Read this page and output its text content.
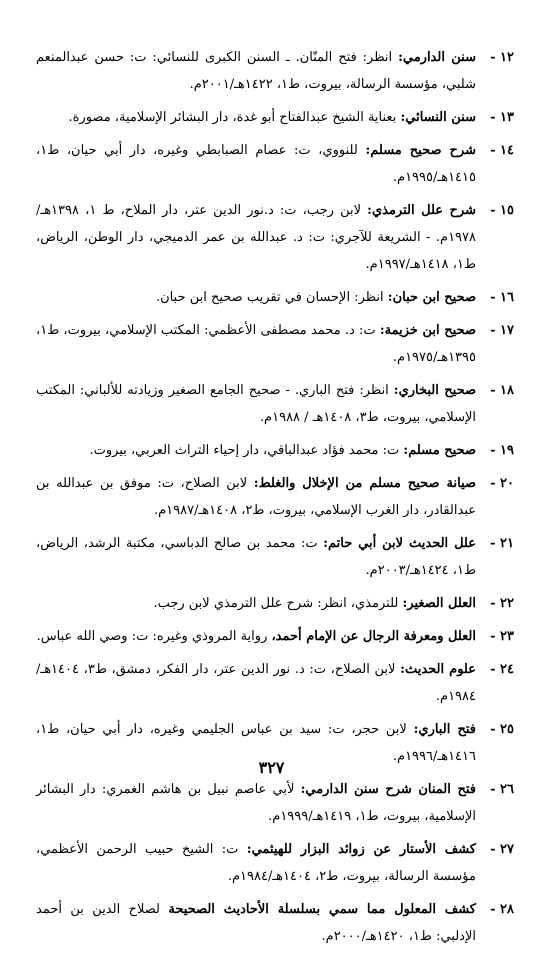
١٢ -
سنن الدارمي: انظر: فتح المنّان. ـ السنن الكبرى للنسائي: ت: حسن عبدالمنعم شلبي، مؤسسة الرسالة، بيروت، ط١، ١٤٢٢هـ/٢٠٠١م.
١٣ -
سنن النسائي: بعناية الشيخ عبدالفتاح أبو غدة، دار البشائر الإسلامية، مصورة.
١٤ -
شرح صحيح مسلم: للنووي، ت: عصام الصبابطي وغيره، دار أبي حيان، ط١، ١٤١٥هـ/١٩٩٥م.
١٥ -
شرح علل الترمذي: لابن رجب، ت: د.نور الدين عتر، دار الملاح، ط ١، ١٣٩٨هـ/١٩٧٨م. - الشريعة للآجري: ت: د. عبدالله بن عمر الدميجي، دار الوطن، الرياض، ط١، ١٤١٨هـ/١٩٩٧م.
١٦ -
صحيح ابن حبان: انظر: الإحسان في تقريب صحيح ابن حبان.
١٧ -
صحيح ابن خزيمة: ت: د. محمد مصطفى الأعظمي: المكتب الإسلامي، بيروت، ط١، ١٣٩٥هـ/١٩٧٥م.
١٨ -
صحيح البخاري: انظر: فتح الباري. - صحيح الجامع الصغير وزيادته للألباني: المكتب الإسلامي، بيروت، ط٣، ١٤٠٨هـ / ١٩٨٨م.
١٩ -
صحيح مسلم: ت: محمد فؤاد عبدالباقي، دار إحياء التراث العربي، بيروت.
٢٠ -
صيانة صحيح مسلم من الإخلال والغلط: لابن الصلاح، ت: موفق بن عبدالله بن عبدالقادر، دار الغرب الإسلامي، بيروت، ط٢، ١٤٠٨هـ/١٩٨٧م.
٢١ -
علل الحديث لابن أبي حاتم: ت: محمد بن صالح الدباسي، مكتبة الرشد، الرياض، ط١، ١٤٢٤هـ/٢٠٠٣م.
٢٢ -
العلل الصغير: للترمذي، انظر: شرح علل الترمذي لابن رجب.
٢٣ -
العلل ومعرفة الرجال عن الإمام أحمد، رواية المروذي وغيره: ت: وصي الله عباس.
٢٤ -
علوم الحديث: لابن الصلاح، ت: د. نور الدين عتر، دار الفكر، دمشق، ط٣، ١٤٠٤هـ/١٩٨٤م.
٢٥ -
فتح الباري: لابن حجر، ت: سيد بن عباس الجليمي وغيره، دار أبي حيان، ط١، ١٤١٦هـ/١٩٩٦م.
٢٦ -
فتح المنان شرح سنن الدارمي: لأبي عاصم نبيل بن هاشم الغمري: دار البشائر الإسلامية، بيروت، ط١، ١٤١٩هـ/١٩٩٩م.
٢٧ -
كشف الأستار عن زوائد البزار للهيثمي: ت: الشيخ حبيب الرحمن الأعظمي، مؤسسة الرسالة، بيروت، ط٢، ١٤٠٤هـ/١٩٨٤م.
٢٨ -
كشف المعلول مما سمي بسلسلة الأحاديث الصحيحة لصلاح الدين بن أحمد الإدلبي: ط١، ١٤٢٠هـ/٢٠٠٠م.
٣٢٧
